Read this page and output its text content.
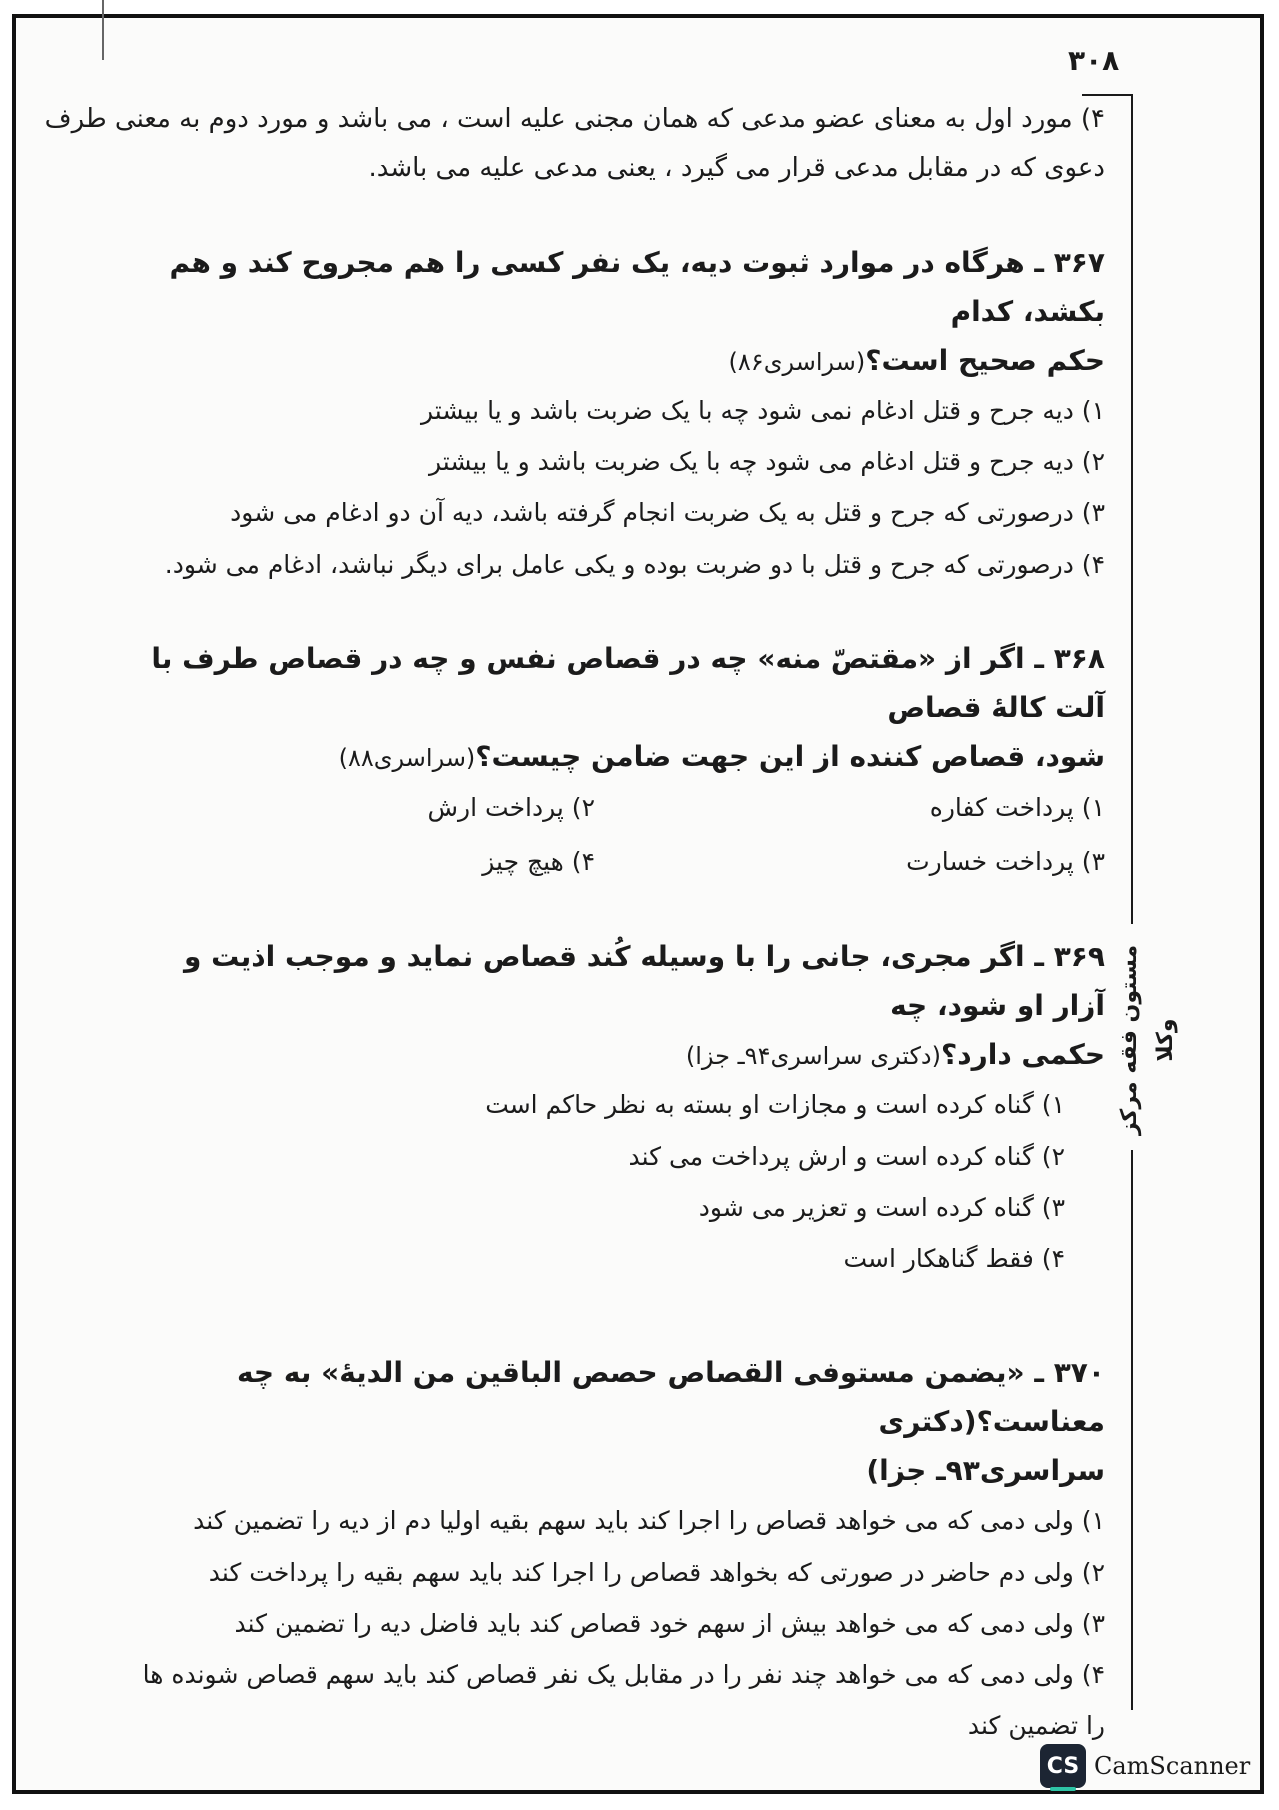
۳۰۸
مستون فقه مرکز وکلا
۴) مورد اول به معنای عضو مدعی که همان مجنی علیه است ، می باشد و مورد دوم به معنی طرف
دعوی که در مقابل مدعی قرار می گیرد ، یعنی مدعی علیه می باشد.
۳۶۷ ـ هرگاه در موارد ثبوت دیه، یک نفر کسی را هم مجروح کند و هم بکشد، کدام
حکم صحیح است؟(سراسری۸۶)
۱) دیه جرح و قتل ادغام نمی شود چه با یک ضربت باشد و یا بیشتر
۲) دیه جرح و قتل ادغام می شود چه با یک ضربت باشد و یا بیشتر
۳) درصورتی که جرح و قتل به یک ضربت انجام گرفته باشد، دیه آن دو ادغام می شود
۴) درصورتی که جرح و قتل با دو ضربت بوده و یکی عامل برای دیگر نباشد، ادغام می شود.
۳۶۸ ـ اگر از «مقتصّ منه» چه در قصاص نفس و چه در قصاص طرف با آلت کالهٔ قصاص
شود، قصاص کننده از این جهت ضامن چیست؟(سراسری۸۸)
۱) پرداخت کفاره
۲) پرداخت ارش
۳) پرداخت خسارت
۴) هیچ چیز
۳۶۹ ـ اگر مجری، جانی را با وسیله کُند قصاص نماید و موجب اذیت و آزار او شود، چه
حکمی دارد؟(دکتری سراسری۹۴ـ جزا)
۱) گناه کرده است و مجازات او بسته به نظر حاکم است
۲) گناه کرده است و ارش پرداخت می کند
۳) گناه کرده است و تعزیر می شود
۴) فقط گناهکار است
۳۷۰ ـ «یضمن مستوفی القصاص حصص الباقین من الدیهٔ» به چه معناست؟(دکتری
سراسری۹۳ـ جزا)
۱) ولی دمی که می خواهد قصاص را اجرا کند باید سهم بقیه اولیا دم از دیه را تضمین کند
۲) ولی دم حاضر در صورتی که بخواهد قصاص را اجرا کند باید سهم بقیه را پرداخت کند
۳) ولی دمی که می خواهد بیش از سهم خود قصاص کند باید فاضل دیه را تضمین کند
۴) ولی دمی که می خواهد چند نفر را در مقابل یک نفر قصاص کند باید سهم قصاص شونده ها
را تضمین کند
CS CamScanner
